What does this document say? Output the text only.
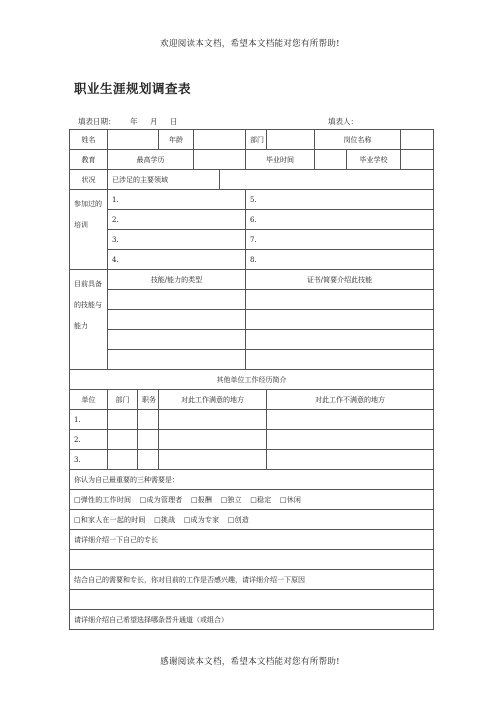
欢迎阅读本文档，希望本文档能对您有所帮助!
职业生涯规划调查表
填表日期： 年 月 日	填表人：
姓名			年龄			部门		岗位名称		
教育	最高学历					毕业时间			毕业学校	
状况	已涉足的主要领域									
参加过的培训	1.					5.				
	2.					6.				
	3.					7.				
	4.					8.				
目前具备的技能与能力	技能/能力的类型					证书/简要介绍此技能				

其他单位工作经历简介										
单位	部门	职务	对此工作满意的地方				对此工作不满意的地方			
1.										
2.										
3.										
你认为自己最重要的三种需要是：										
□弹性的工作时间 □成为管理者 □报酬 □独立 □稳定 □休闲										
□和家人在一起的时间 □挑战 □成为专家 □创造										
请详细介绍一下自己的专长										

结合自己的需要和专长，你对目前的工作是否感兴趣，请详细介绍一下原因										

请详细介绍自己希望选择哪条晋升通道（或组合）										
感谢阅读本文档，希望本文档能对您有所帮助!
